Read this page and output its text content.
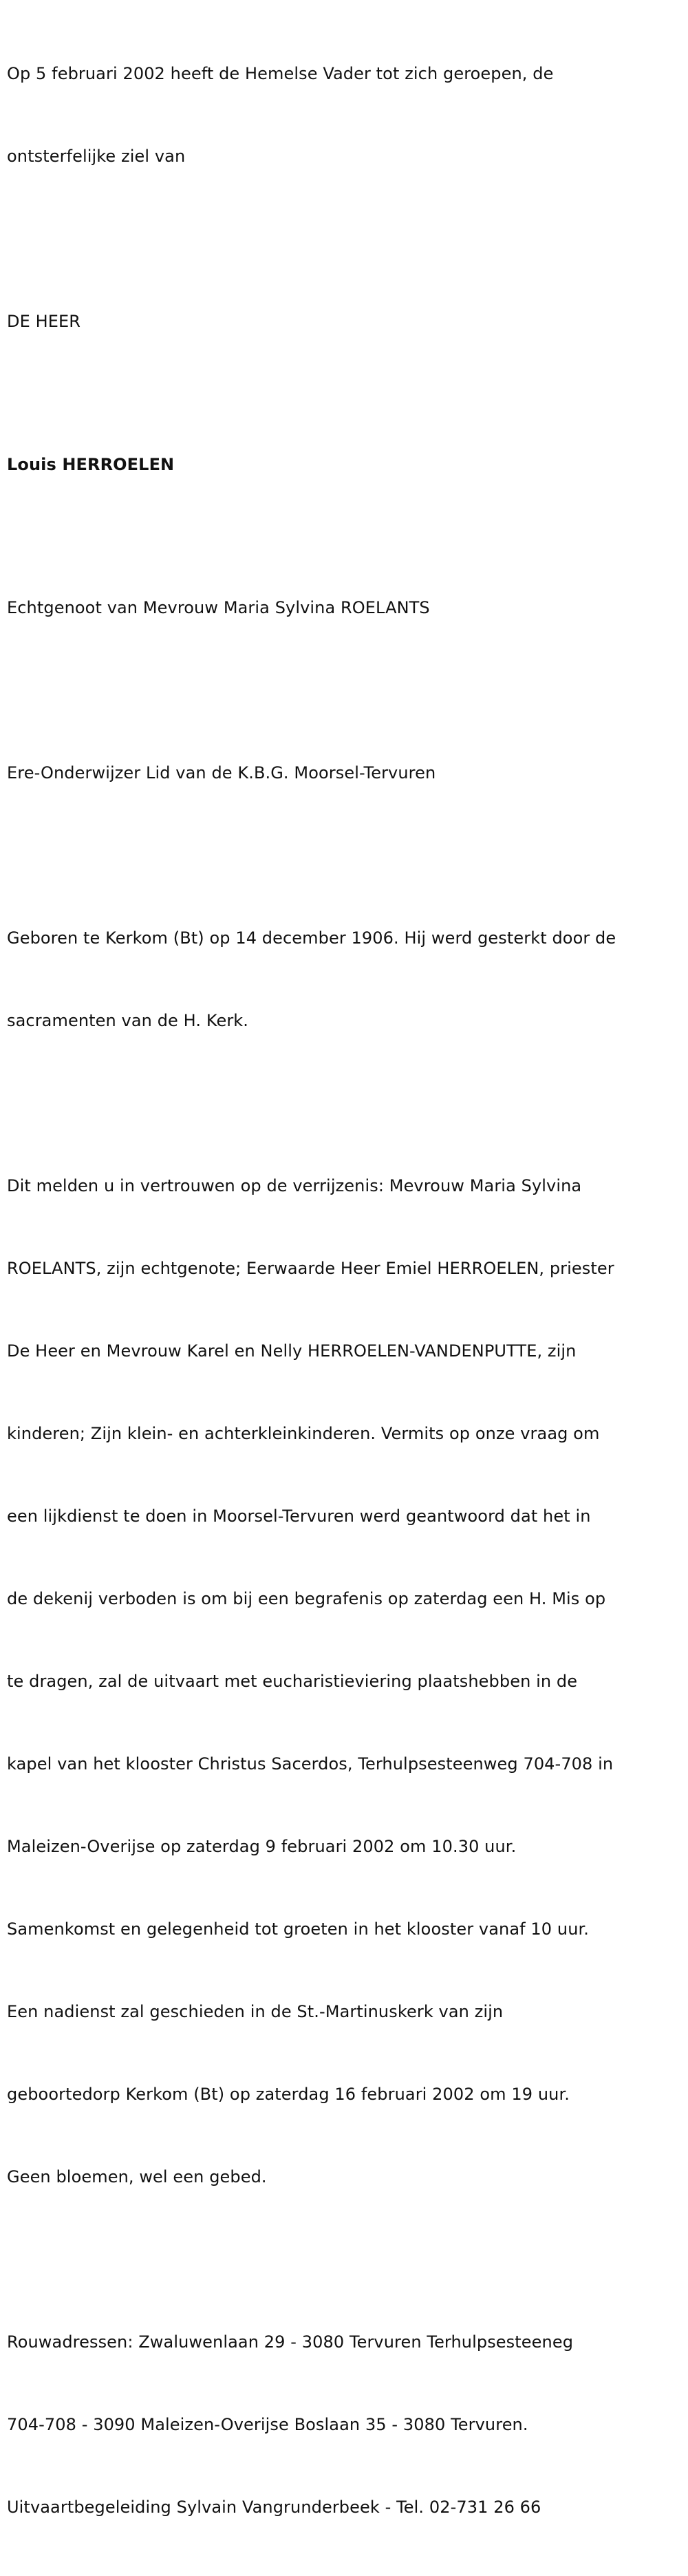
Op 5 februari 2002 heeft de Hemelse Vader tot zich geroepen, de

ontsterfelijke ziel van

DE HEER

Louis HERROELEN

Echtgenoot van Mevrouw Maria Sylvina ROELANTS

Ere-Onderwijzer Lid van de K.B.G. Moorsel-Tervuren

Geboren te Kerkom (Bt) op 14 december 1906. Hij werd gesterkt door de

sacramenten van de H. Kerk.

Dit melden u in vertrouwen op de verrijzenis: Mevrouw Maria Sylvina

ROELANTS, zijn echtgenote; Eerwaarde Heer Emiel HERROELEN, priester

De Heer en Mevrouw Karel en Nelly HERROELEN-VANDENPUTTE, zijn

kinderen; Zijn klein- en achterkleinkinderen. Vermits op onze vraag om

een lijkdienst te doen in Moorsel-Tervuren werd geantwoord dat het in

de dekenij verboden is om bij een begrafenis op zaterdag een H. Mis op

te dragen, zal de uitvaart met eucharistieviering plaatshebben in de

kapel van het klooster Christus Sacerdos, Terhulpsesteenweg 704-708 in

Maleizen-Overijse op zaterdag 9 februari 2002 om 10.30 uur.

Samenkomst en gelegenheid tot groeten in het klooster vanaf 10 uur.

Een nadienst zal geschieden in de St.-Martinuskerk van zijn

geboortedorp Kerkom (Bt) op zaterdag 16 februari 2002 om 19 uur.

Geen bloemen, wel een gebed.

Rouwadressen: Zwaluwenlaan 29 - 3080 Tervuren Terhulpsesteeneg

704-708 - 3090 Maleizen-Overijse Boslaan 35 - 3080 Tervuren.

Uitvaartbegeleiding Sylvain Vangrunderbeek - Tel. 02-731 26 66
